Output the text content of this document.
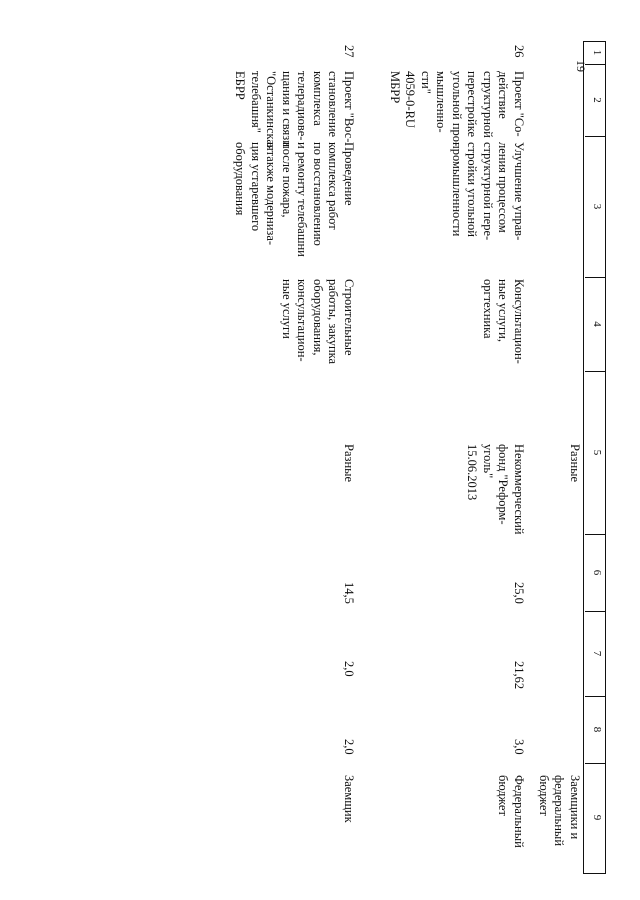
19
1
2
3
4
5
6
7
8
9
Разные
Заемщики и
федеральный
бюджет
26
Проект "Со-
действие
структурной
перестройке
угольной про-
мышленно-
сти"
4059-0-RU
МБРР
Улучшение управ-
ления процессом
структурной пере-
стройки угольной
промышленности
Консультацион-
ные услуги,
оргтехника
Некоммерческий
фонд "Реформ-
уголь"
15.06.2013
25,0
21,62
3,0
Федеральный
бюджет
27
Проект "Вос-
становление
комплекса
телерадиове-
щания и связи
"Останкинская
телебашня"
ЕБРР
Проведение
комплекса работ
по восстановлению
и ремонту телебашни
после пожара,
а также модерниза-
ция устаревшего
оборудования
Строительные
работы, закупка
оборудования,
консультацион-
ные услуги
Разные
14,5
2,0
2,0
Заемщик
